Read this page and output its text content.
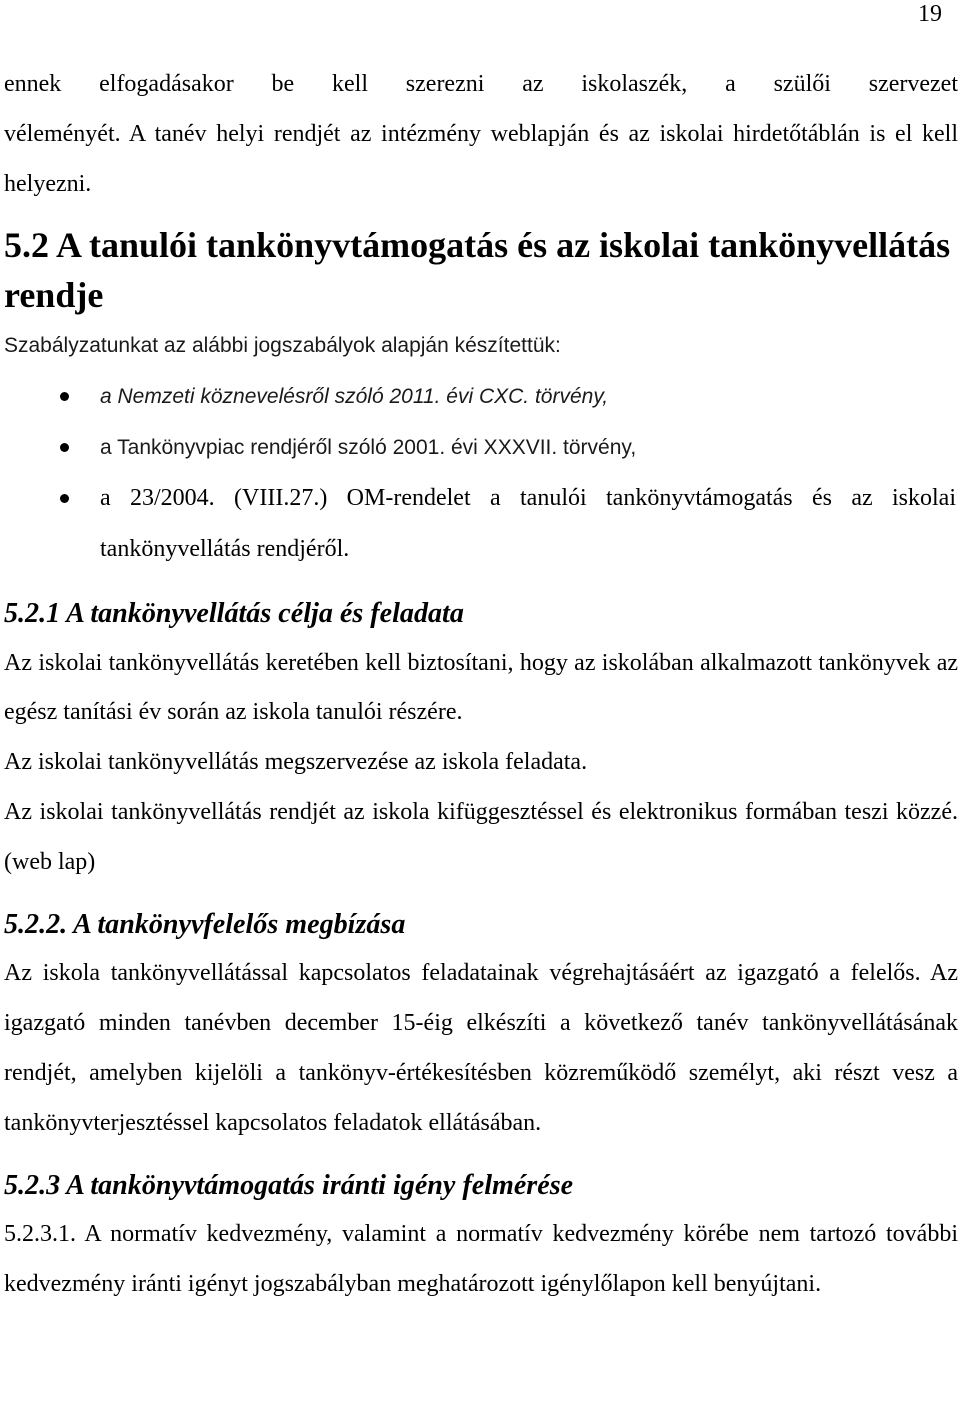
19

ennek elfogadásakor be kell szerezni az iskolaszék, a szülői szervezet

véleményét. A tanév helyi rendjét az intézmény weblapján és az iskolai hirdetőtáblán is el kell helyezni.

5.2 A tanulói tankönyvtámogatás és az iskolai tankönyvellátás rendje

Szabályzatunkat az alábbi jogszabályok alapján készítettük:

a Nemzeti köznevelésről szóló 2011. évi CXC. törvény,
a Tankönyvpiac rendjéről szóló 2001. évi XXXVII. törvény,
a 23/2004. (VIII.27.) OM-rendelet a tanulói tankönyvtámogatás és az iskolai tankönyvellátás rendjéről.
5.2.1 A tankönyvellátás célja és feladata

Az iskolai tankönyvellátás keretében kell biztosítani, hogy az iskolában alkalmazott tankönyvek az egész tanítási év során az iskola tanulói részére.

Az iskolai tankönyvellátás megszervezése az iskola feladata.

Az iskolai tankönyvellátás rendjét az iskola kifüggesztéssel és elektronikus formában teszi közzé.(web lap)

5.2.2. A tankönyvfelelős megbízása

Az iskola tankönyvellátással kapcsolatos feladatainak végrehajtásáért az igazgató a felelős. Az igazgató minden tanévben december 15-éig elkészíti a következő tanév tankönyvellátásának rendjét, amelyben kijelöli a tankönyv-értékesítésben közreműködő személyt, aki részt vesz a tankönyvterjesztéssel kapcsolatos feladatok ellátásában.

5.2.3 A tankönyvtámogatás iránti igény felmérése

5.2.3.1. A normatív kedvezmény, valamint a normatív kedvezmény körébe nem tartozó további kedvezmény iránti igényt jogszabályban meghatározott igénylőlapon kell benyújtani.
